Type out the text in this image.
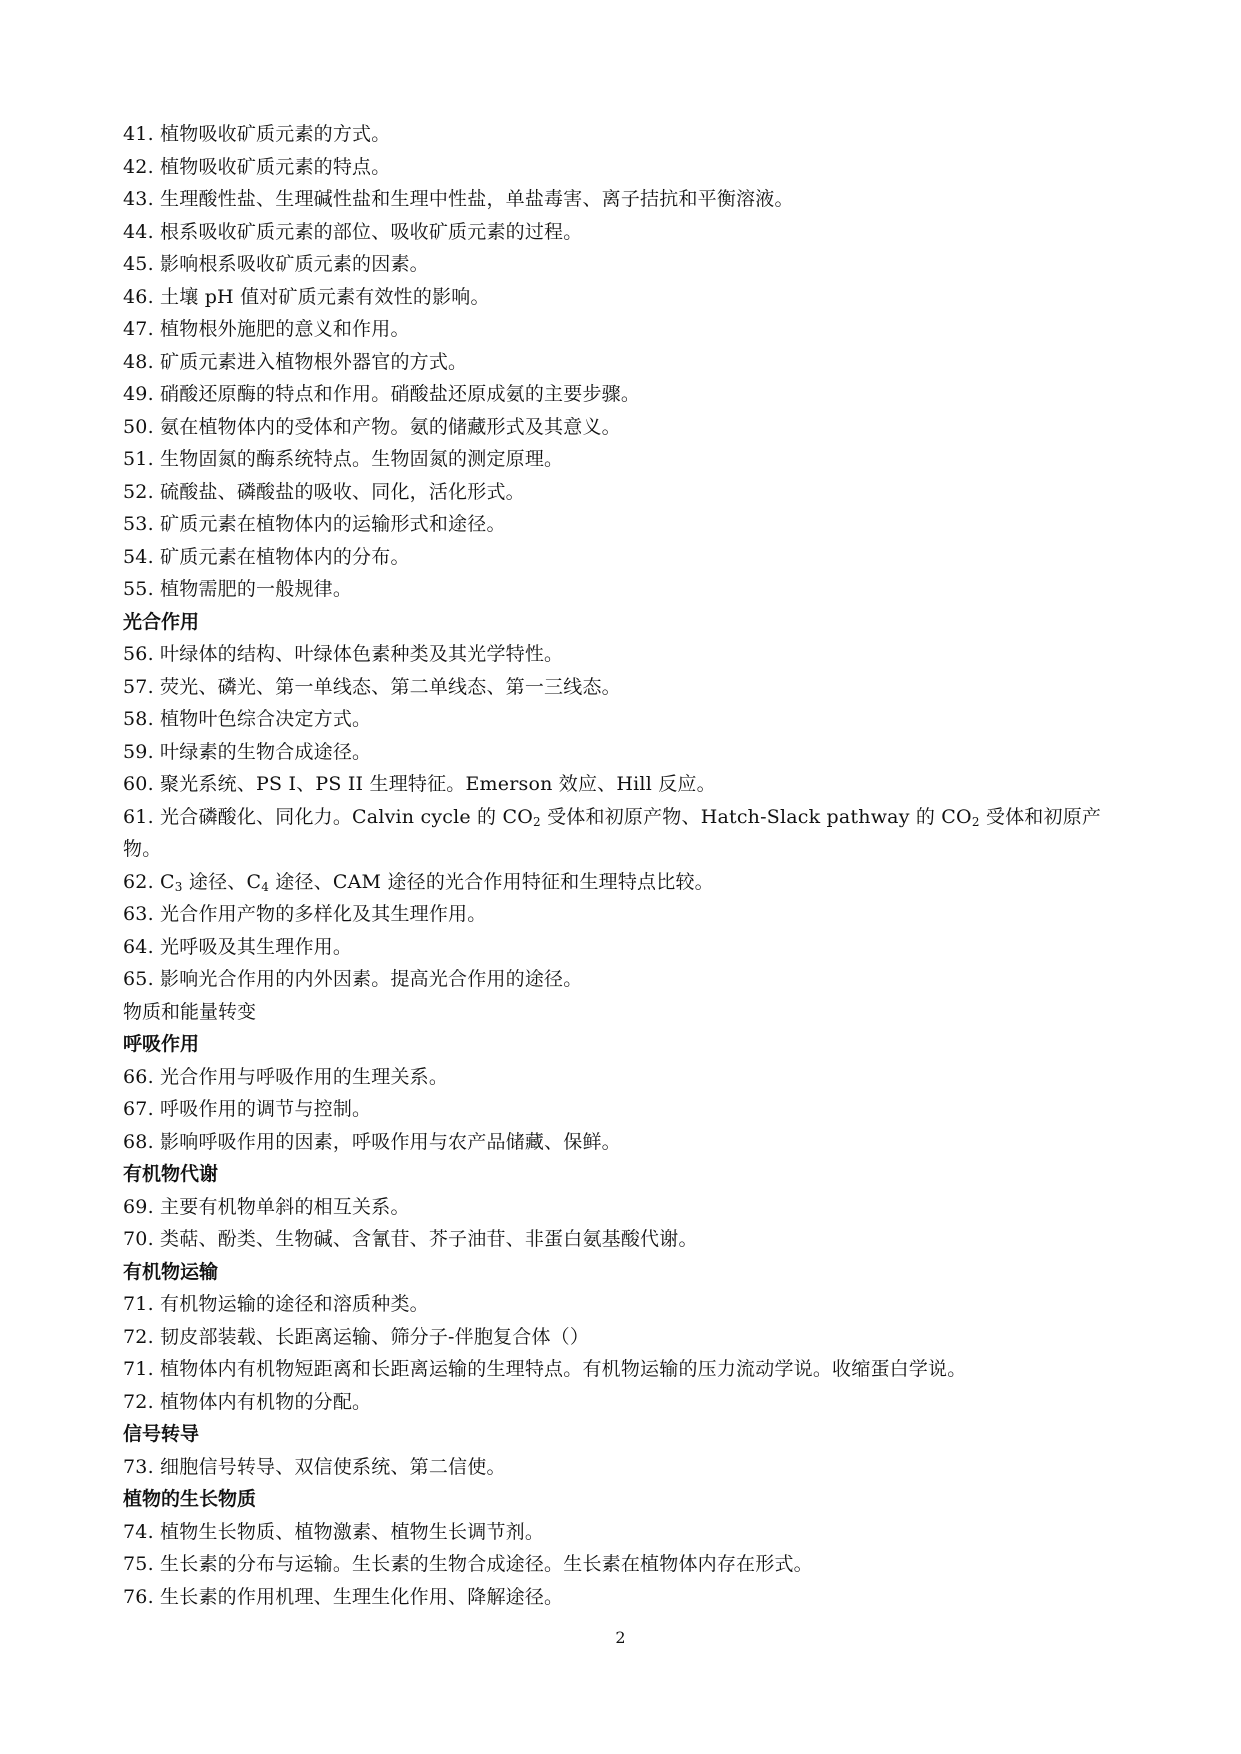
41. 植物吸收矿质元素的方式。
42. 植物吸收矿质元素的特点。
43. 生理酸性盐、生理碱性盐和生理中性盐，单盐毒害、离子拮抗和平衡溶液。
44. 根系吸收矿质元素的部位、吸收矿质元素的过程。
45. 影响根系吸收矿质元素的因素。
46. 土壤 pH 值对矿质元素有效性的影响。
47. 植物根外施肥的意义和作用。
48. 矿质元素进入植物根外器官的方式。
49. 硝酸还原酶的特点和作用。硝酸盐还原成氨的主要步骤。
50. 氨在植物体内的受体和产物。氨的储藏形式及其意义。
51. 生物固氮的酶系统特点。生物固氮的测定原理。
52. 硫酸盐、磷酸盐的吸收、同化，活化形式。
53. 矿质元素在植物体内的运输形式和途径。
54. 矿质元素在植物体内的分布。
55. 植物需肥的一般规律。
光合作用
56. 叶绿体的结构、叶绿体色素种类及其光学特性。
57. 荧光、磷光、第一单线态、第二单线态、第一三线态。
58. 植物叶色综合决定方式。
59. 叶绿素的生物合成途径。
60. 聚光系统、PS I、PS II 生理特征。Emerson 效应、Hill 反应。
61. 光合磷酸化、同化力。Calvin cycle 的 $CO_2$ 受体和初原产物、Hatch-Slack pathway 的 $CO_2$ 受体和初原产物。
62. $C_3$ 途径、$C_4$ 途径、CAM 途径的光合作用特征和生理特点比较。
63. 光合作用产物的多样化及其生理作用。
64. 光呼吸及其生理作用。
65. 影响光合作用的内外因素。提高光合作用的途径。
物质和能量转变
呼吸作用
66. 光合作用与呼吸作用的生理关系。
67. 呼吸作用的调节与控制。
68. 影响呼吸作用的因素，呼吸作用与农产品储藏、保鲜。
有机物代谢
69. 主要有机物单斜的相互关系。
70. 类萜、酚类、生物碱、含氰苷、芥子油苷、非蛋白氨基酸代谢。
有机物运输
71. 有机物运输的途径和溶质种类。
72. 韧皮部装载、长距离运输、筛分子-伴胞复合体（）
71. 植物体内有机物短距离和长距离运输的生理特点。有机物运输的压力流动学说。收缩蛋白学说。
72. 植物体内有机物的分配。
信号转导
73. 细胞信号转导、双信使系统、第二信使。
植物的生长物质
74. 植物生长物质、植物激素、植物生长调节剂。
75. 生长素的分布与运输。生长素的生物合成途径。生长素在植物体内存在形式。
76. 生长素的作用机理、生理生化作用、降解途径。
2
